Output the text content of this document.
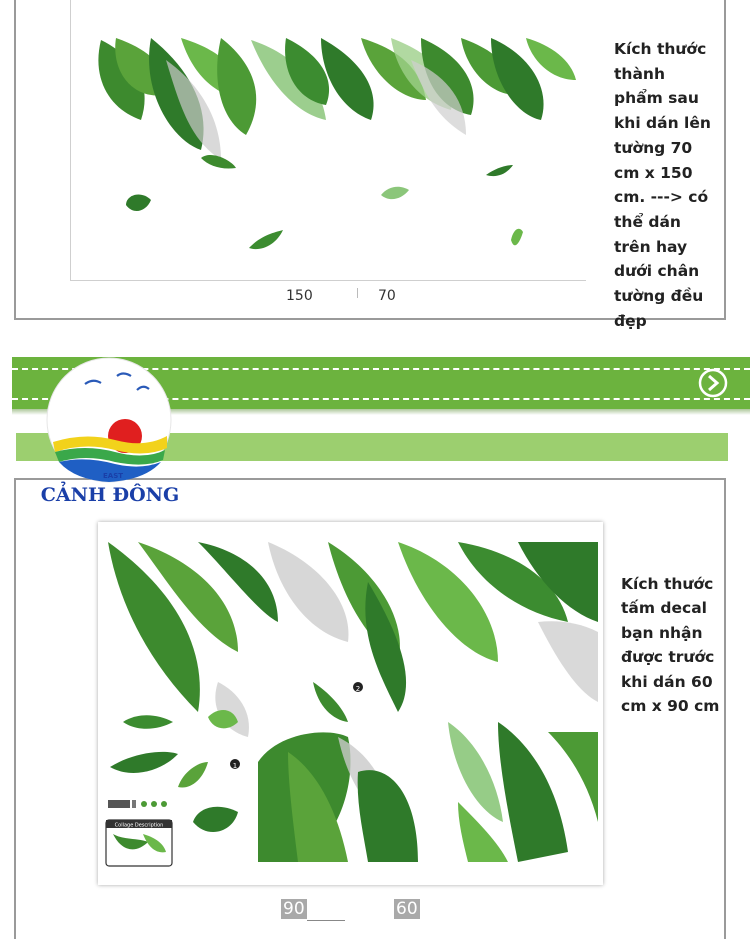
150	70
Kích thước
thành
phẩm sau
khi dán lên
tường 70
cm x 150
cm. ---> có
thể dán
trên hay
dưới chân
tường đều
đẹp
1
2
Collage Description
Kích thước
tấm decal
bạn nhận
được trước
khi dán 60
cm x 90 cm
90	60
EAST
CẢNH ĐÔNG
